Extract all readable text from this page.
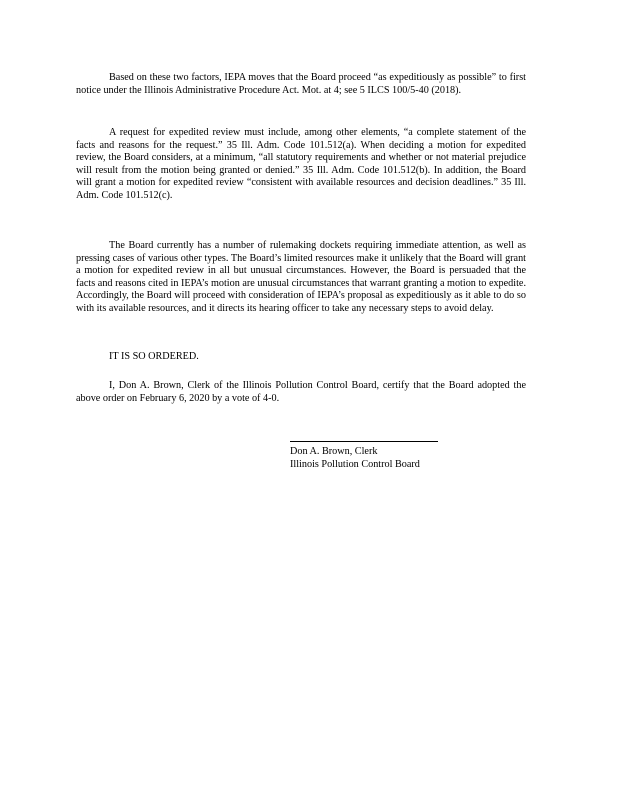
Based on these two factors, IEPA moves that the Board proceed “as expeditiously as possible” to first notice under the Illinois Administrative Procedure Act. Mot. at 4; see 5 ILCS 100/5-40 (2018).

A request for expedited review must include, among other elements, “a complete statement of the facts and reasons for the request.” 35 Ill. Adm. Code 101.512(a). When deciding a motion for expedited review, the Board considers, at a minimum, “all statutory requirements and whether or not material prejudice will result from the motion being granted or denied.” 35 Ill. Adm. Code 101.512(b). In addition, the Board will grant a motion for expedited review “consistent with available resources and decision deadlines.” 35 Ill. Adm. Code 101.512(c).

The Board currently has a number of rulemaking dockets requiring immediate attention, as well as pressing cases of various other types. The Board’s limited resources make it unlikely that the Board will grant a motion for expedited review in all but unusual circumstances. However, the Board is persuaded that the facts and reasons cited in IEPA’s motion are unusual circumstances that warrant granting a motion to expedite. Accordingly, the Board will proceed with consideration of IEPA’s proposal as expeditiously as it able to do so with its available resources, and it directs its hearing officer to take any necessary steps to avoid delay.

IT IS SO ORDERED.

I, Don A. Brown, Clerk of the Illinois Pollution Control Board, certify that the Board adopted the above order on February 6, 2020 by a vote of 4-0.

Don A. Brown, Clerk

Illinois Pollution Control Board
